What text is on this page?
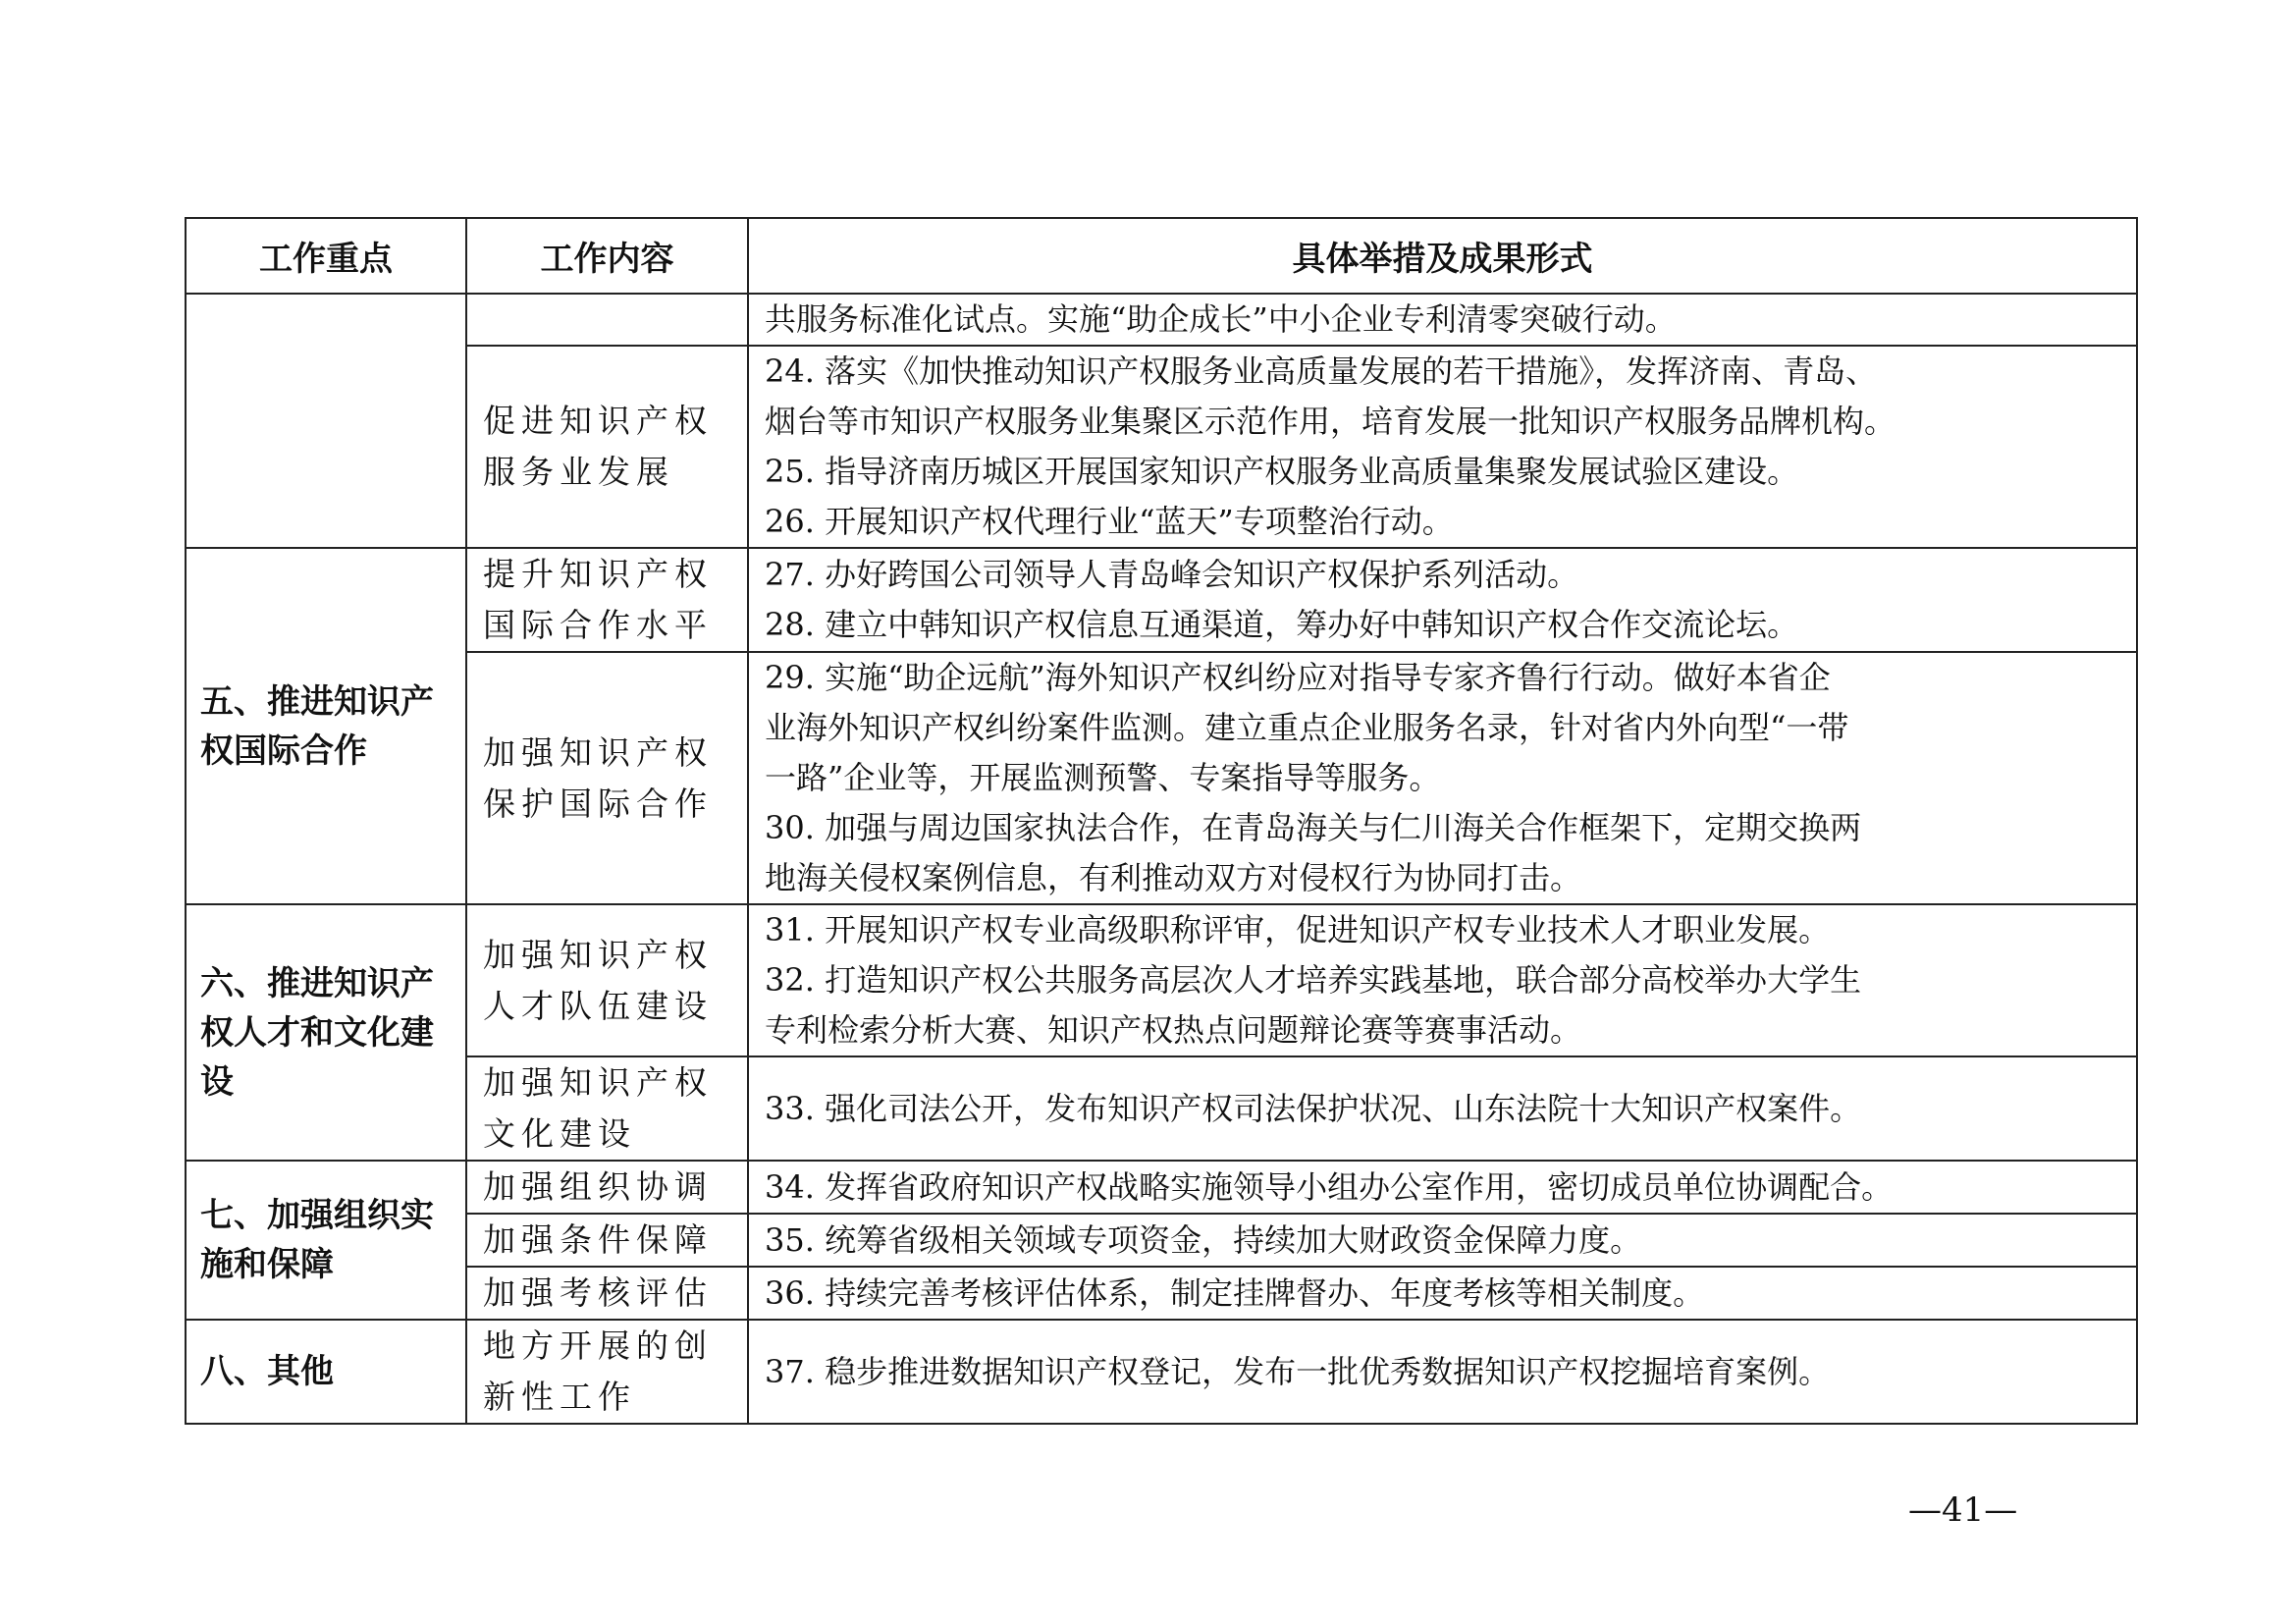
工作重点	工作内容	具体举措及成果形式

		共服务标准化试点。实施“助企成长”中小企业专利清零突破行动。

	促进知识产权服务业发展	24. 落实《加快推动知识产权服务业高质量发展的若干措施》，发挥济南、青岛、
烟台等市知识产权服务业集聚区示范作用，培育发展一批知识产权服务品牌机构。
25. 指导济南历城区开展国家知识产权服务业高质量集聚发展试验区建设。
26. 开展知识产权代理行业“蓝天”专项整治行动。

五、推进知识产权国际合作	提升知识产权国际合作水平	27. 办好跨国公司领导人青岛峰会知识产权保护系列活动。
28. 建立中韩知识产权信息互通渠道，筹办好中韩知识产权合作交流论坛。

	加强知识产权保护国际合作	29. 实施“助企远航”海外知识产权纠纷应对指导专家齐鲁行行动。做好本省企
业海外知识产权纠纷案件监测。建立重点企业服务名录，针对省内外向型“一带
一路”企业等，开展监测预警、专案指导等服务。
30. 加强与周边国家执法合作，在青岛海关与仁川海关合作框架下，定期交换两
地海关侵权案例信息，有利推动双方对侵权行为协同打击。

六、推进知识产权人才和文化建设	加强知识产权人才队伍建设	31. 开展知识产权专业高级职称评审，促进知识产权专业技术人才职业发展。
32. 打造知识产权公共服务高层次人才培养实践基地，联合部分高校举办大学生
专利检索分析大赛、知识产权热点问题辩论赛等赛事活动。

	加强知识产权文化建设	33. 强化司法公开，发布知识产权司法保护状况、山东法院十大知识产权案件。

七、加强组织实施和保障	加强组织协调	34. 发挥省政府知识产权战略实施领导小组办公室作用，密切成员单位协调配合。

	加强条件保障	35. 统筹省级相关领域专项资金，持续加大财政资金保障力度。

	加强考核评估	36. 持续完善考核评估体系，制定挂牌督办、年度考核等相关制度。

八、其他	地方开展的创新性工作	37. 稳步推进数据知识产权登记，发布一批优秀数据知识产权挖掘培育案例。
—41—
